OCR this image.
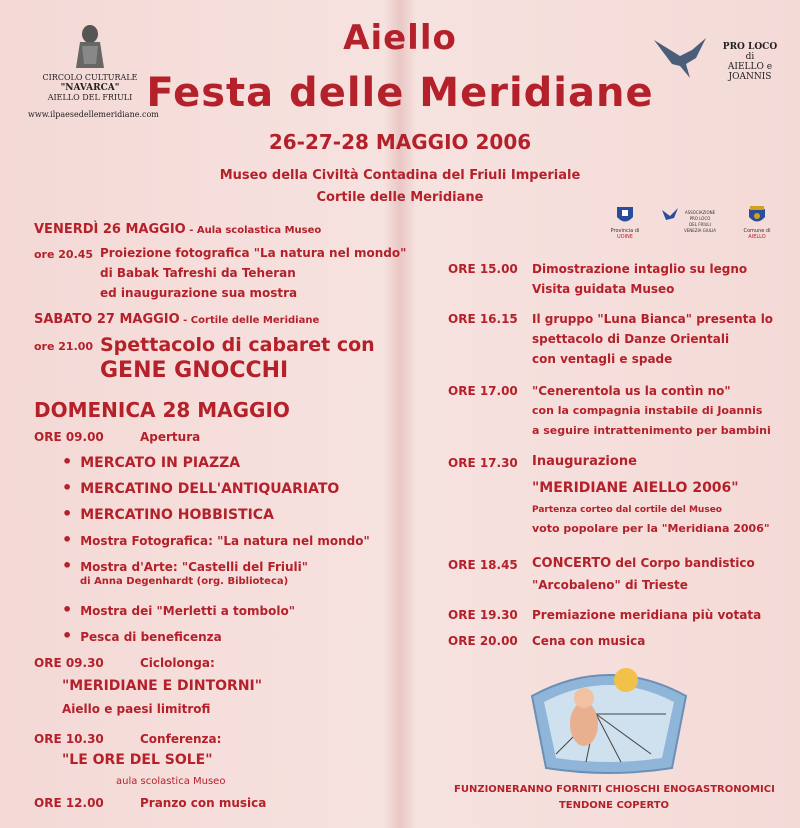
Aiello
Festa delle Meridiane
26-27-28 MAGGIO 2006
Museo della Civiltà Contadina del Friuli Imperiale
Cortile delle Meridiane
CIRCOLO CULTURALE
"NAVARCA"
AIELLO DEL FRIULI
www.ilpaesedellemeridiane.com
PRO LOCO
di
AIELLO e JOANNIS
Provincia di
UDINE
ASSOCIAZIONE
PRO LOCO
DEL FRIULI VENEZIA GIULIA	Comune di
AIELLO
VENERDÌ 26 MAGGIO - Aula scolastica Museo
ore 20.45 Proiezione fotografica "La natura nel mondo"
di Babak Tafreshi da Teheran
ed inaugurazione sua mostra
SABATO 27 MAGGIO - Cortile delle Meridiane
ore 21.00 Spettacolo di cabaret con
GENE GNOCCHI
DOMENICA 28 MAGGIO
ORE 09.00	Apertura
• MERCATO IN PIAZZA
• MERCATINO DELL'ANTIQUARIATO
• MERCATINO HOBBISTICA
• Mostra Fotografica: "La natura nel mondo"
• Mostra d'Arte: "Castelli del Friuli"
di Anna Degenhardt (org. Biblioteca)
• Mostra dei "Merletti a tombolo"
• Pesca di beneficenza
ORE 09.30	Ciclolonga:
"MERIDIANE E DINTORNI"
Aiello e paesi limitrofi
ORE 10.30	Conferenza:
"LE ORE DEL SOLE"
aula scolastica Museo
ORE 12.00	Pranzo con musica
ORE 15.00 Dimostrazione intaglio su legno
Visita guidata Museo
ORE 16.15 Il gruppo "Luna Bianca" presenta lo
spettacolo di Danze Orientali
con ventagli e spade
ORE 17.00 "Cenerentola us la contìn no"
con la compagnia instabile di Joannis
a seguire intrattenimento per bambini
ORE 17.30 Inaugurazione
"MERIDIANE AIELLO 2006"
Partenza corteo dal cortile del Museo
voto popolare per la "Meridiana 2006"
ORE 18.45 CONCERTO del Corpo bandistico
"Arcobaleno" di Trieste
ORE 19.30 Premiazione meridiana più votata
ORE 20.00 Cena con musica
FUNZIONERANNO FORNITI CHIOSCHI ENOGASTRONOMICI
TENDONE COPERTO
